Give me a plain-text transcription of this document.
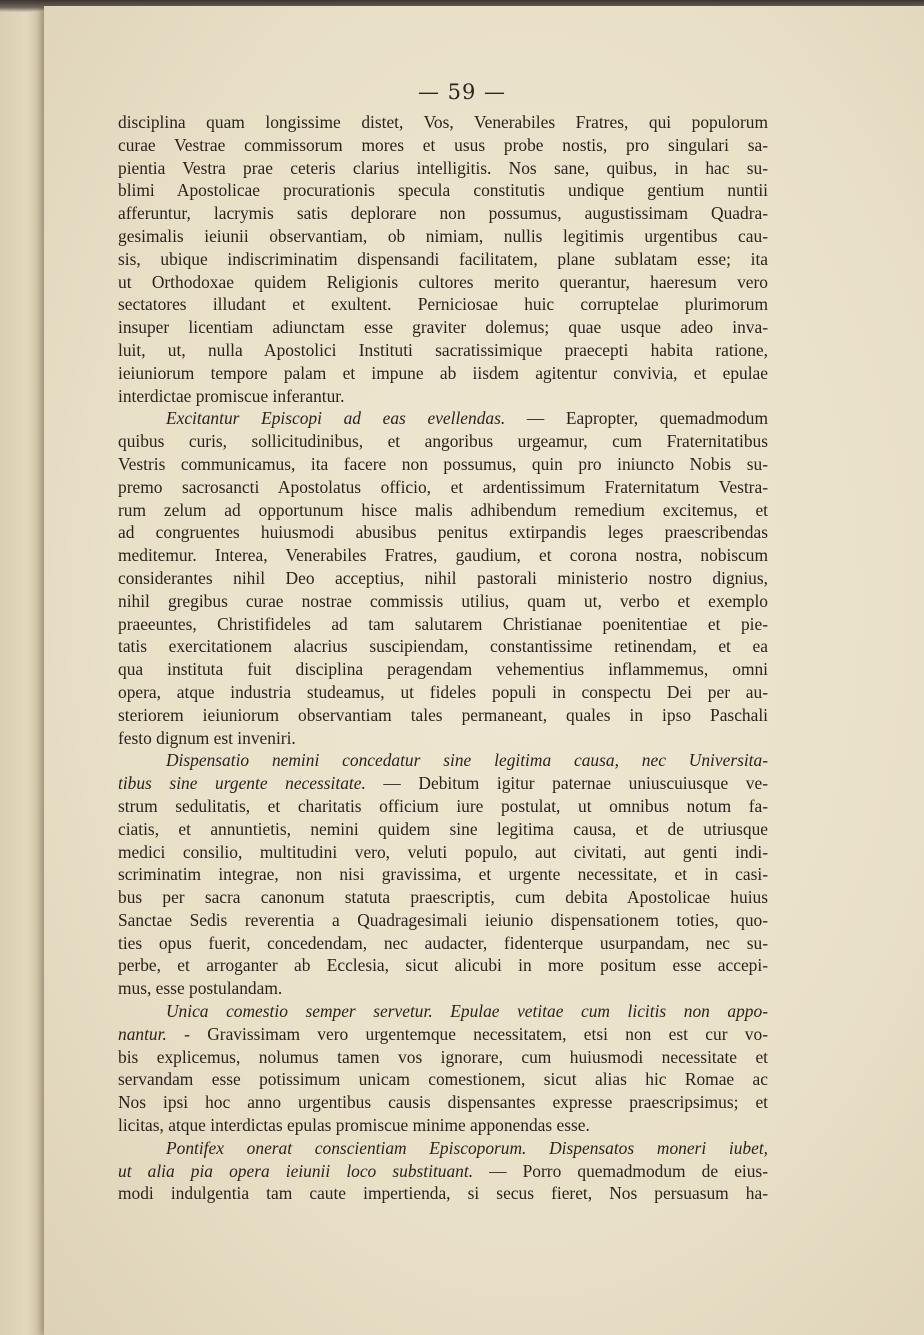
— 59 —
disciplina quam longissime distet, Vos, Venerabiles Fratres, qui populorum
curae Vestrae commissorum mores et usus probe nostis, pro singulari sa-
pientia Vestra prae ceteris clarius intelligitis. Nos sane, quibus, in hac su-
blimi Apostolicae procurationis specula constitutis undique gentium nuntii
afferuntur, lacrymis satis deplorare non possumus, augustissimam Quadra-
gesimalis ieiunii observantiam, ob nimiam, nullis legitimis urgentibus cau-
sis, ubique indiscriminatim dispensandi facilitatem, plane sublatam esse; ita
ut Orthodoxae quidem Religionis cultores merito querantur, haeresum vero
sectatores illudant et exultent. Perniciosae huic corruptelae plurimorum
insuper licentiam adiunctam esse graviter dolemus; quae usque adeo inva-
luit, ut, nulla Apostolici Instituti sacratissimique praecepti habita ratione,
ieiuniorum tempore palam et impune ab iisdem agitentur convivia, et epulae
interdictae promiscue inferantur.
Excitantur Episcopi ad eas evellendas. — Eapropter, quemadmodum
quibus curis, sollicitudinibus, et angoribus urgeamur, cum Fraternitatibus
Vestris communicamus, ita facere non possumus, quin pro iniuncto Nobis su-
premo sacrosancti Apostolatus officio, et ardentissimum Fraternitatum Vestra-
rum zelum ad opportunum hisce malis adhibendum remedium excitemus, et
ad congruentes huiusmodi abusibus penitus extirpandis leges praescribendas
meditemur. Interea, Venerabiles Fratres, gaudium, et corona nostra, nobiscum
considerantes nihil Deo acceptius, nihil pastorali ministerio nostro dignius,
nihil gregibus curae nostrae commissis utilius, quam ut, verbo et exemplo
praeeuntes, Christifideles ad tam salutarem Christianae poenitentiae et pie-
tatis exercitationem alacrius suscipiendam, constantissime retinendam, et ea
qua instituta fuit disciplina peragendam vehementius inflammemus, omni
opera, atque industria studeamus, ut fideles populi in conspectu Dei per au-
steriorem ieiuniorum observantiam tales permaneant, quales in ipso Paschali
festo dignum est inveniri.
Dispensatio nemini concedatur sine legitima causa, nec Universita-
tibus sine urgente necessitate. — Debitum igitur paternae uniuscuiusque ve-
strum sedulitatis, et charitatis officium iure postulat, ut omnibus notum fa-
ciatis, et annuntietis, nemini quidem sine legitima causa, et de utriusque
medici consilio, multitudini vero, veluti populo, aut civitati, aut genti indi-
scriminatim integrae, non nisi gravissima, et urgente necessitate, et in casi-
bus per sacra canonum statuta praescriptis, cum debita Apostolicae huius
Sanctae Sedis reverentia a Quadragesimali ieiunio dispensationem toties, quo-
ties opus fuerit, concedendam, nec audacter, fidenterque usurpandam, nec su-
perbe, et arroganter ab Ecclesia, sicut alicubi in more positum esse accepi-
mus, esse postulandam.
Unica comestio semper servetur. Epulae vetitae cum licitis non appo-
nantur. - Gravissimam vero urgentemque necessitatem, etsi non est cur vo-
bis explicemus, nolumus tamen vos ignorare, cum huiusmodi necessitate et
servandam esse potissimum unicam comestionem, sicut alias hic Romae ac
Nos ipsi hoc anno urgentibus causis dispensantes expresse praescripsimus; et
licitas, atque interdictas epulas promiscue minime apponendas esse.
Pontifex onerat conscientiam Episcoporum. Dispensatos moneri iubet,
ut alia pia opera ieiunii loco substituant. — Porro quemadmodum de eius-
modi indulgentia tam caute impertienda, si secus fieret, Nos persuasum ha-
